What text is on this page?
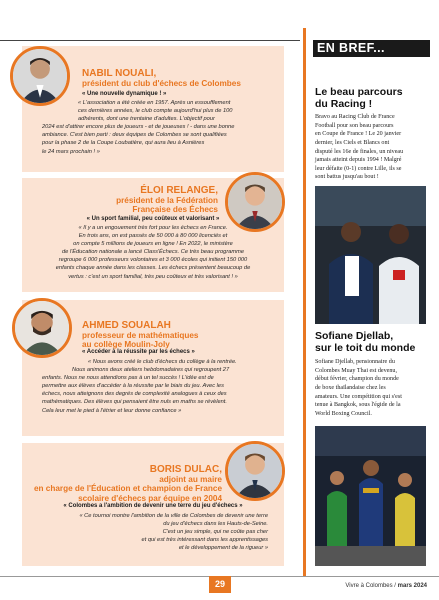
NABIL NOUALI,
président du club d'échecs de Colombes
« Une nouvelle dynamique ! »
« L'association a été créée en 1957. Après un essoufflement
ces dernières années, le club compte aujourd'hui plus de 100
adhérents, dont une trentaine d'adultes. L'objectif pour
2024 est d'attirer encore plus de joueurs - et de joueuses ! - dans une bonne
ambiance. C'est bien parti : deux équipes de Colombes se sont qualifiées
pour la phase 2 de la Coupe Loubatière, qui aura lieu à Asnières
le 24 mars prochain ! »
ÉLOI RELANGE,
président de la Fédération
Française des Échecs
« Un sport familial, peu coûteux et valorisant »
« Il y a un engouement très fort pour les échecs en France.
En trois ans, on est passés de 50 000 à 80 000 licenciés et
on compte 5 millions de joueurs en ligne ! En 2022, le ministère
de l'Éducation nationale a lancé Class'Échecs. Ce très beau programme
regroupe 6 000 professeurs volontaires et 3 000 écoles qui initient 150 000
enfants chaque année dans les classes. Les échecs présentent beaucoup de
vertus : c'est un sport familial, très peu coûteux et très valorisant ! »
AHMED SOUALAH
professeur de mathématiques
au collège Moulin-Joly
« Accéder à la réussite par les échecs »
« Nous avons créé le club d'échecs du collège à la rentrée.
Nous animons deux ateliers hebdomadaires qui regroupent 27
enfants. Nous ne nous attendions pas à un tel succès ! L'idée est de
permettre aux élèves d'accéder à la réussite par le biais du jeu. Avec les
échecs, nous atteignons des degrés de complexité analogues à ceux des
mathématiques. Des élèves qui pensaient être nuls en maths se révèlent.
Cela leur met le pied à l'étrier et leur donne confiance »
BORIS DULAC,
adjoint au maire
en charge de l'Éducation et champion de France
scolaire d'échecs par équipe en 2004
« Colombes a l'ambition de devenir une terre du jeu d'échecs »
« Ce tournoi montre l'ambition de la ville de Colombes de devenir une terre
du jeu d'échecs dans les Hauts-de-Seine.
C'est un jeu simple, qui ne coûte pas cher
et qui est très intéressant dans les apprentissages
et le développement de la rigueur »
EN BREF...
Le beau parcours
du Racing !
Bravo au Racing Club de France
Football pour son beau parcours
en Coupe de France ! Le 20 janvier
dernier, les Ciels et Blancs ont
disputé les 16e de finales, un niveau
jamais atteint depuis 1994 ! Malgré
leur défaite (0-1) contre Lille, ils se
sont battus jusqu'au bout !
Sofiane Djellab,
sur le toit du monde
Sofiane Djellab, pensionnaire du
Colombes Muay Thai est devenu,
début février, champion du monde
de boxe thaïlandaise chez les
amateurs. Une compétition qui s'est
tenue à Bangkok, sous l'égide de la
World Boxing Council.
29	Vivre à Colombes / mars 2024
